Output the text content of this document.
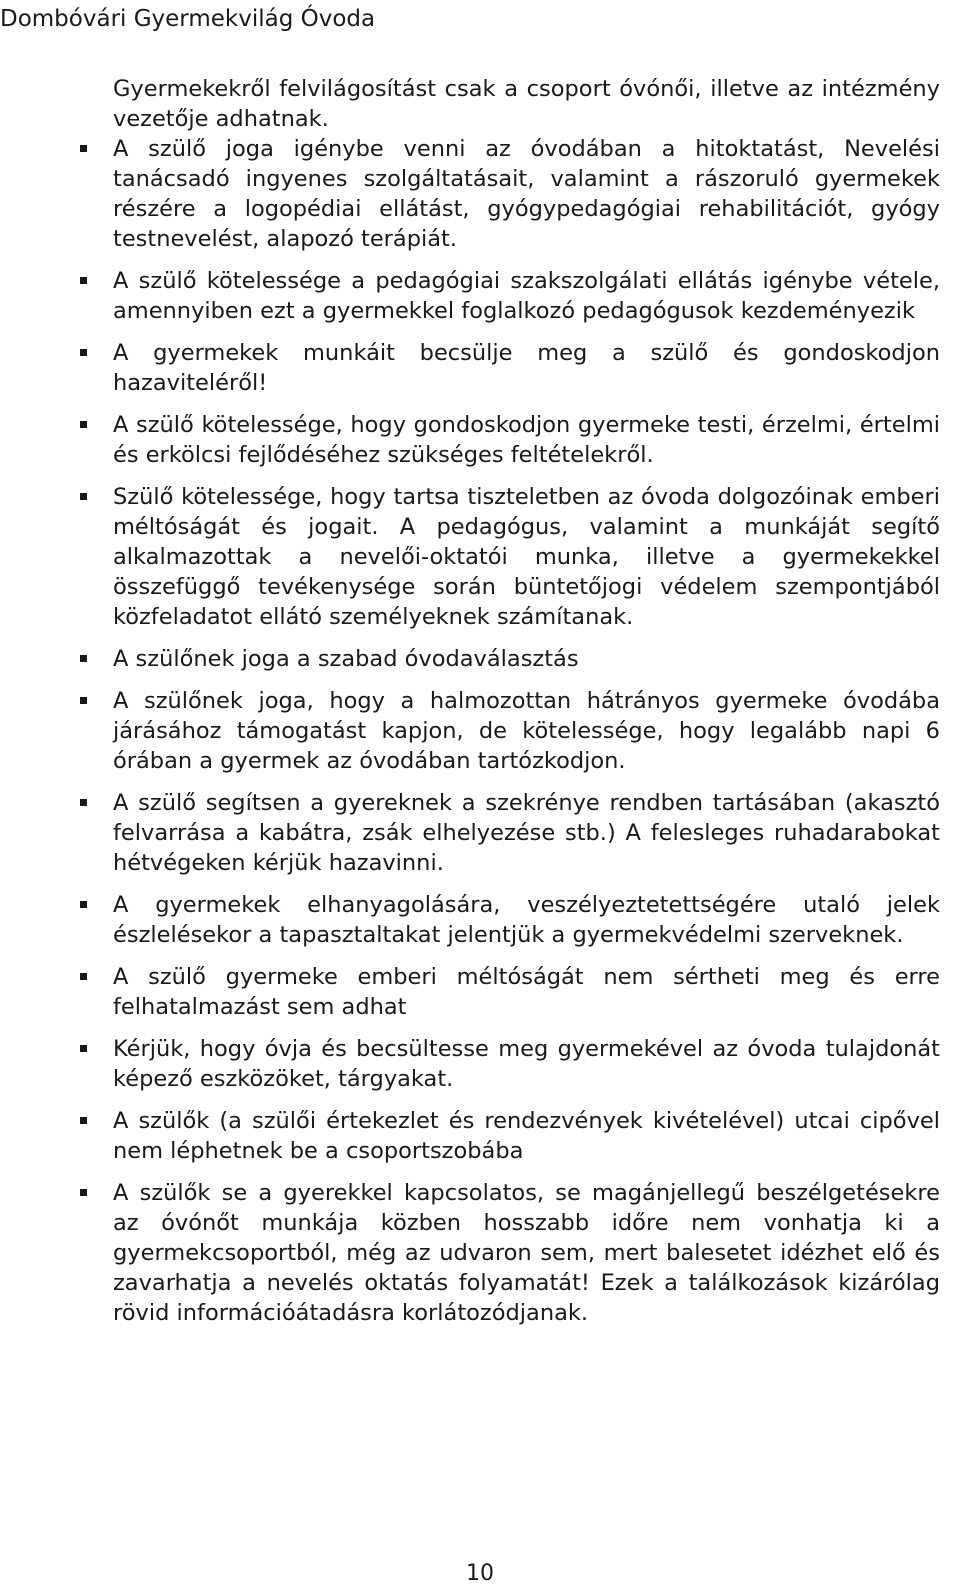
Dombóvári Gyermekvilág Óvoda

Gyermekekről felvilágosítást csak a csoport óvónői, illetve az intézmény vezetője adhatnak.

A szülő joga igénybe venni az óvodában a hitoktatást, Nevelési tanácsadó ingyenes szolgáltatásait, valamint a rászoruló gyermekek részére a logopédiai ellátást, gyógypedagógiai rehabilitációt, gyógy testnevelést, alapozó terápiát.
A szülő kötelessége a pedagógiai szakszolgálati ellátás igénybe vétele, amennyiben ezt a gyermekkel foglalkozó pedagógusok kezdeményezik
A gyermekek munkáit becsülje meg a szülő és gondoskodjon hazaviteléről!
A szülő kötelessége, hogy gondoskodjon gyermeke testi, érzelmi, értelmi és erkölcsi fejlődéséhez szükséges feltételekről.
Szülő kötelessége, hogy tartsa tiszteletben az óvoda dolgozóinak emberi méltóságát és jogait. A pedagógus, valamint a munkáját segítő alkalmazottak a nevelői-oktatói munka, illetve a gyermekekkel összefüggő tevékenysége során büntetőjogi védelem szempontjából közfeladatot ellátó személyeknek számítanak.
A szülőnek joga a szabad óvodaválasztás
A szülőnek joga, hogy a halmozottan hátrányos gyermeke óvodába járásához támogatást kapjon, de kötelessége, hogy legalább napi 6 órában a gyermek az óvodában tartózkodjon.
A szülő segítsen a gyereknek a szekrénye rendben tartásában (akasztó felvarrása a kabátra, zsák elhelyezése stb.) A felesleges ruhadarabokat hétvégeken kérjük hazavinni.
A gyermekek elhanyagolására, veszélyeztetettségére utaló jelek észlelésekor a tapasztaltakat jelentjük a gyermekvédelmi szerveknek.
A szülő gyermeke emberi méltóságát nem sértheti meg és erre felhatalmazást sem adhat
Kérjük, hogy óvja és becsültesse meg gyermekével az óvoda tulajdonát képező eszközöket, tárgyakat.
A szülők (a szülői értekezlet és rendezvények kivételével) utcai cipővel nem léphetnek be a csoportszobába
A szülők se a gyerekkel kapcsolatos, se magánjellegű beszélgetésekre az óvónőt munkája közben hosszabb időre nem vonhatja ki a gyermekcsoportból, még az udvaron sem, mert balesetet idézhet elő és zavarhatja a nevelés oktatás folyamatát! Ezek a találkozások kizárólag rövid információátadásra korlátozódjanak.
10
